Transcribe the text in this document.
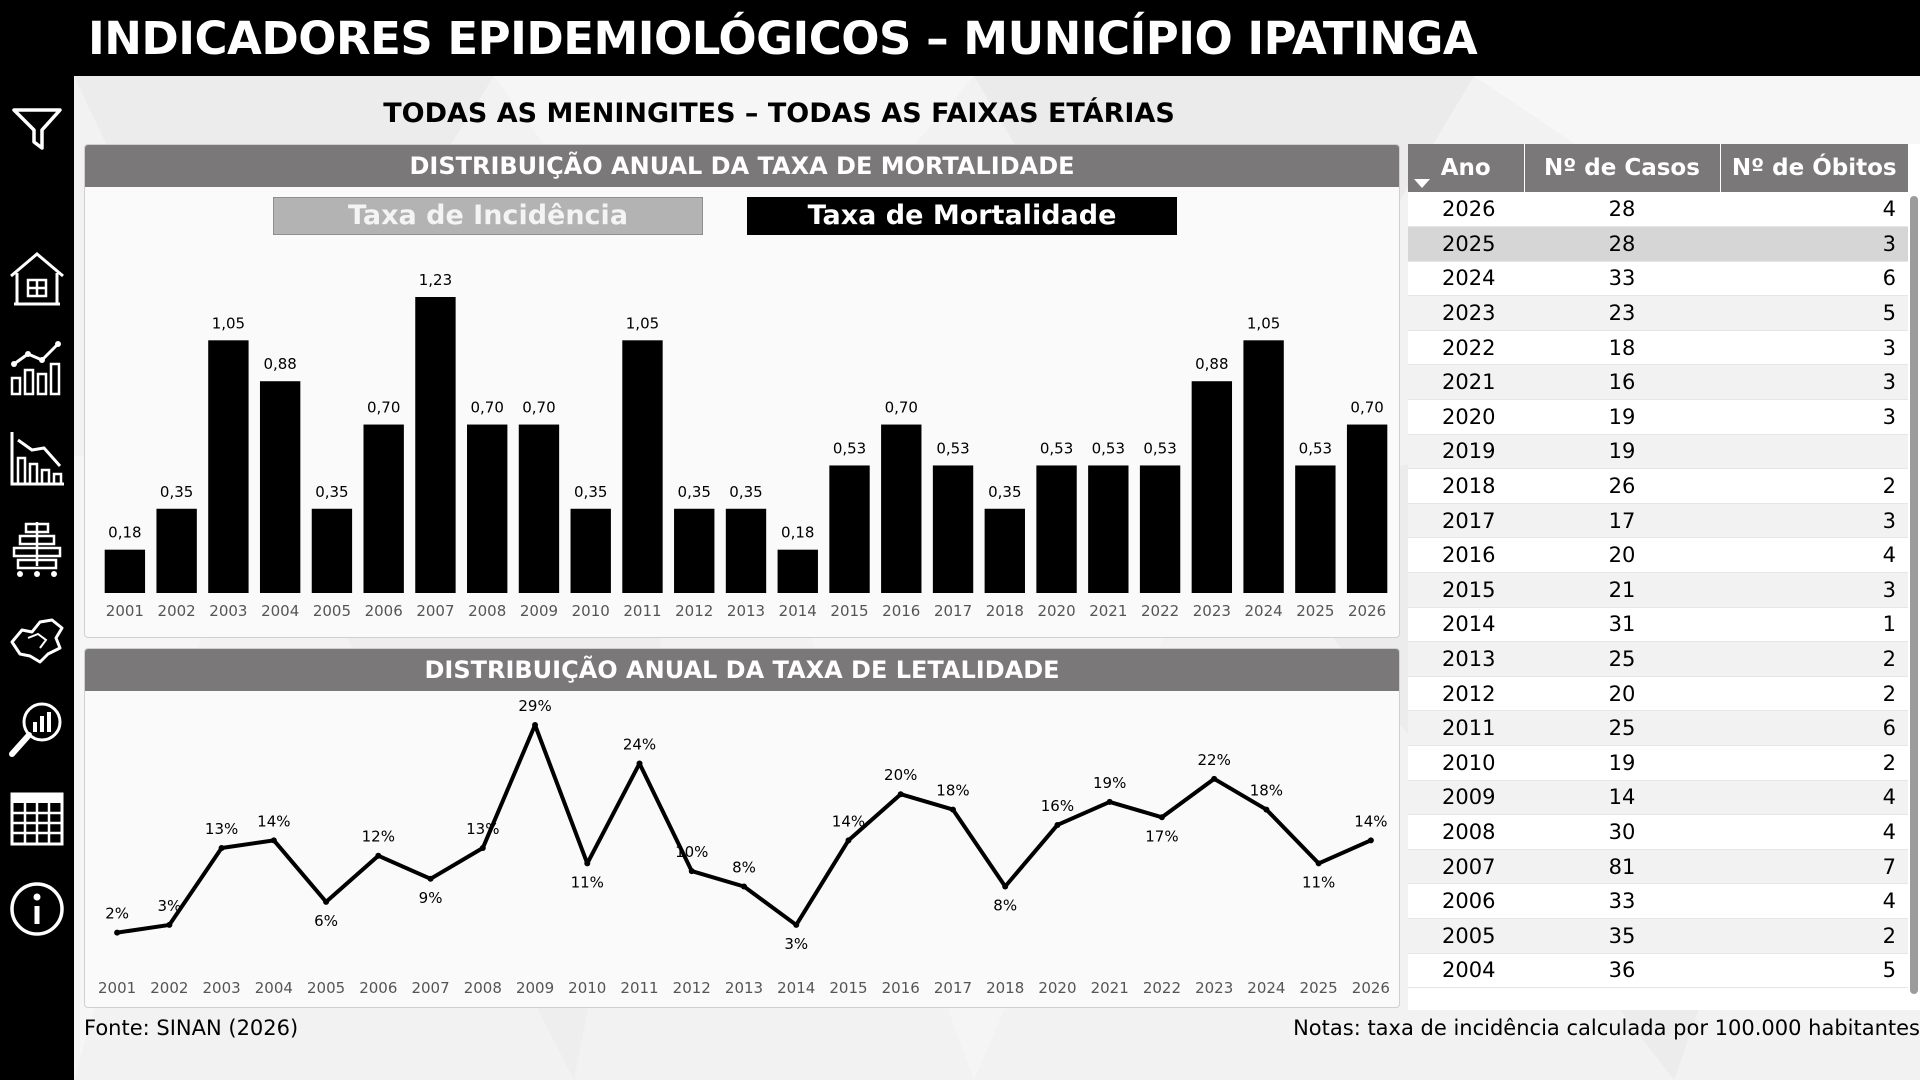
INDICADORES EPIDEMIOLÓGICOS – MUNICÍPIO IPATINGA
TODAS AS MENINGITES – TODAS AS FAIXAS ETÁRIAS
DISTRIBUIÇÃO ANUAL DA TAXA DE MORTALIDADE
Taxa de Incidência	Taxa de Mortalidade
0,18
2001
0,35
2002
1,05
2003
0,88
2004
0,35
2005
0,70
2006
1,23
2007
0,70
2008
0,70
2009
0,35
2010
1,05
2011
0,35
2012
0,35
2013
0,18
2014
0,53
2015
0,70
2016
0,53
2017
0,35
2018
0,53
2020
0,53
2021
0,53
2022
0,88
2023
1,05
2024
0,53
2025
0,70
2026
DISTRIBUIÇÃO ANUAL DA TAXA DE LETALIDADE
2%
2001
3%
2002
13%
2003
14%
2004
6%
2005
12%
2006
9%
2007
13%
2008
29%
2009
11%
2010
24%
2011
10%
2012
8%
2013
3%
2014
14%
2015
20%
2016
18%
2017
8%
2018
16%
2020
19%
2021
17%
2022
22%
2023
18%
2024
11%
2025
14%
2026
Ano	Nº de Casos	Nº de Óbitos
2026	28	4
2025	28	3
2024	33	6
2023	23	5
2022	18	3
2021	16	3
2020	19	3
2019	19	
2018	26	2
2017	17	3
2016	20	4
2015	21	3
2014	31	1
2013	25	2
2012	20	2
2011	25	6
2010	19	2
2009	14	4
2008	30	4
2007	81	7
2006	33	4
2005	35	2
2004	36	5
Fonte: SINAN (2026)	Notas: taxa de incidência calculada por 100.000 habitantes
